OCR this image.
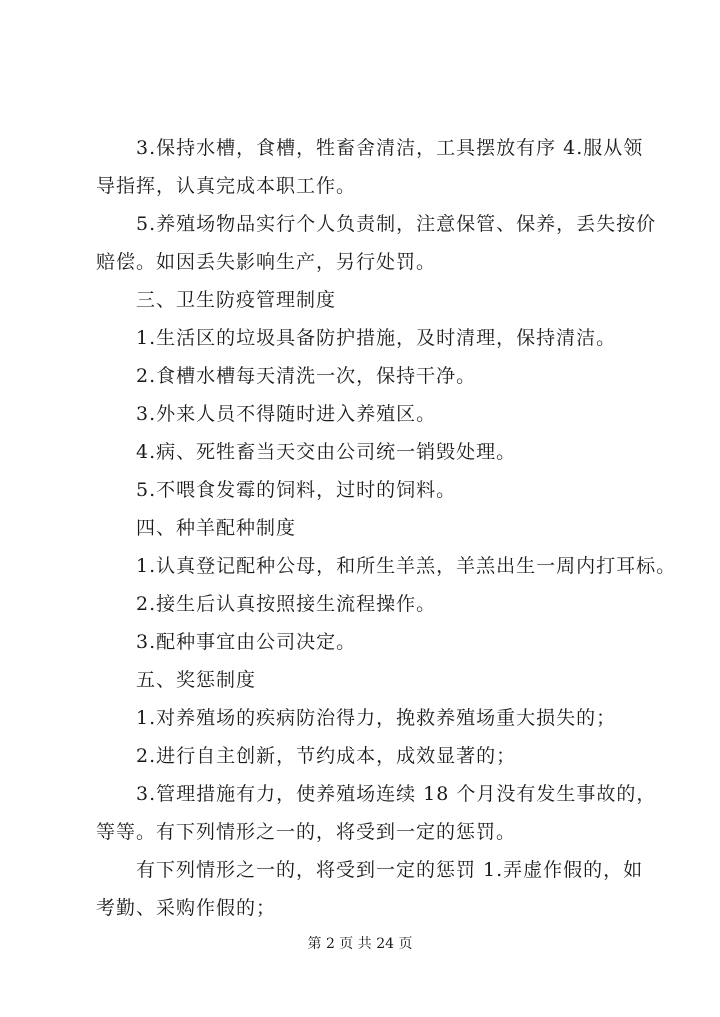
3.保持水槽，食槽，牲畜舍清洁，工具摆放有序 4.服从领
导指挥，认真完成本职工作。
5.养殖场物品实行个人负责制，注意保管、保养，丢失按价
赔偿。如因丢失影响生产，另行处罚。
三、卫生防疫管理制度
1.生活区的垃圾具备防护措施，及时清理，保持清洁。
2.食槽水槽每天清洗一次，保持干净。
3.外来人员不得随时进入养殖区。
4.病、死牲畜当天交由公司统一销毁处理。
5.不喂食发霉的饲料，过时的饲料。
四、种羊配种制度
1.认真登记配种公母，和所生羊羔，羊羔出生一周内打耳标。
2.接生后认真按照接生流程操作。
3.配种事宜由公司决定。
五、奖惩制度
1.对养殖场的疾病防治得力，挽救养殖场重大损失的；
2.进行自主创新，节约成本，成效显著的；
3.管理措施有力，使养殖场连续 18 个月没有发生事故的，
等等。有下列情形之一的，将受到一定的惩罚。
有下列情形之一的，将受到一定的惩罚 1.弄虚作假的，如
考勤、采购作假的；
第 2 页 共 24 页
